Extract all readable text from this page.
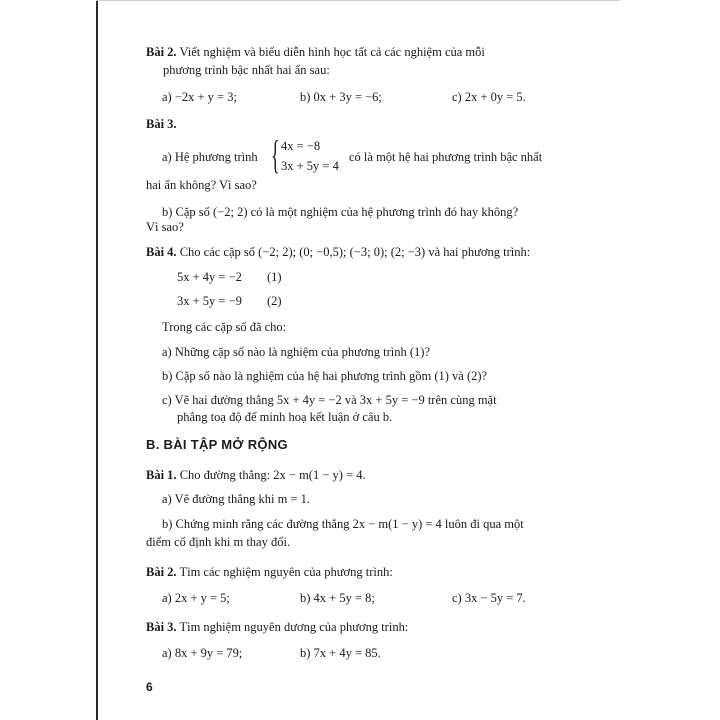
Bài 2. Viết nghiệm và biểu diễn hình học tất cả các nghiệm của mỗi
phương trình bậc nhất hai ẩn sau:
a) −2x + y = 3;	b) 0x + 3y = −6;	c) 2x + 0y = 5.
Bài 3.
a) Hệ phương trình { 4x = −8
3x + 5y = 4
có là một hệ hai phương trình bậc nhất
hai ẩn không? Vì sao?
b) Cặp số (−2; 2) có là một nghiệm của hệ phương trình đó hay không?
Vì sao?
Bài 4. Cho các cặp số (−2; 2); (0; −0,5); (−3; 0); (2; −3) và hai phương trình:
5x + 4y = −2 (1)
3x + 5y = −9 (2)
Trong các cặp số đã cho:
a) Những cặp số nào là nghiệm của phương trình (1)?
b) Cặp số nào là nghiệm của hệ hai phương trình gồm (1) và (2)?
c) Vẽ hai đường thẳng 5x + 4y = −2 và 3x + 5y = −9 trên cùng mặt
phẳng toạ độ để minh hoạ kết luận ở câu b.
B. BÀI TẬP MỞ RỘNG
Bài 1. Cho đường thẳng: 2x − m(1 − y) = 4.
a) Vẽ đường thẳng khi m = 1.
b) Chứng minh rằng các đường thẳng 2x − m(1 − y) = 4 luôn đi qua một
điểm cố định khi m thay đổi.
Bài 2. Tìm các nghiệm nguyên của phương trình:
a) 2x + y = 5;	b) 4x + 5y = 8;	c) 3x − 5y = 7.
Bài 3. Tìm nghiệm nguyên dương của phương trình:
a) 8x + 9y = 79;	b) 7x + 4y = 85.
6
